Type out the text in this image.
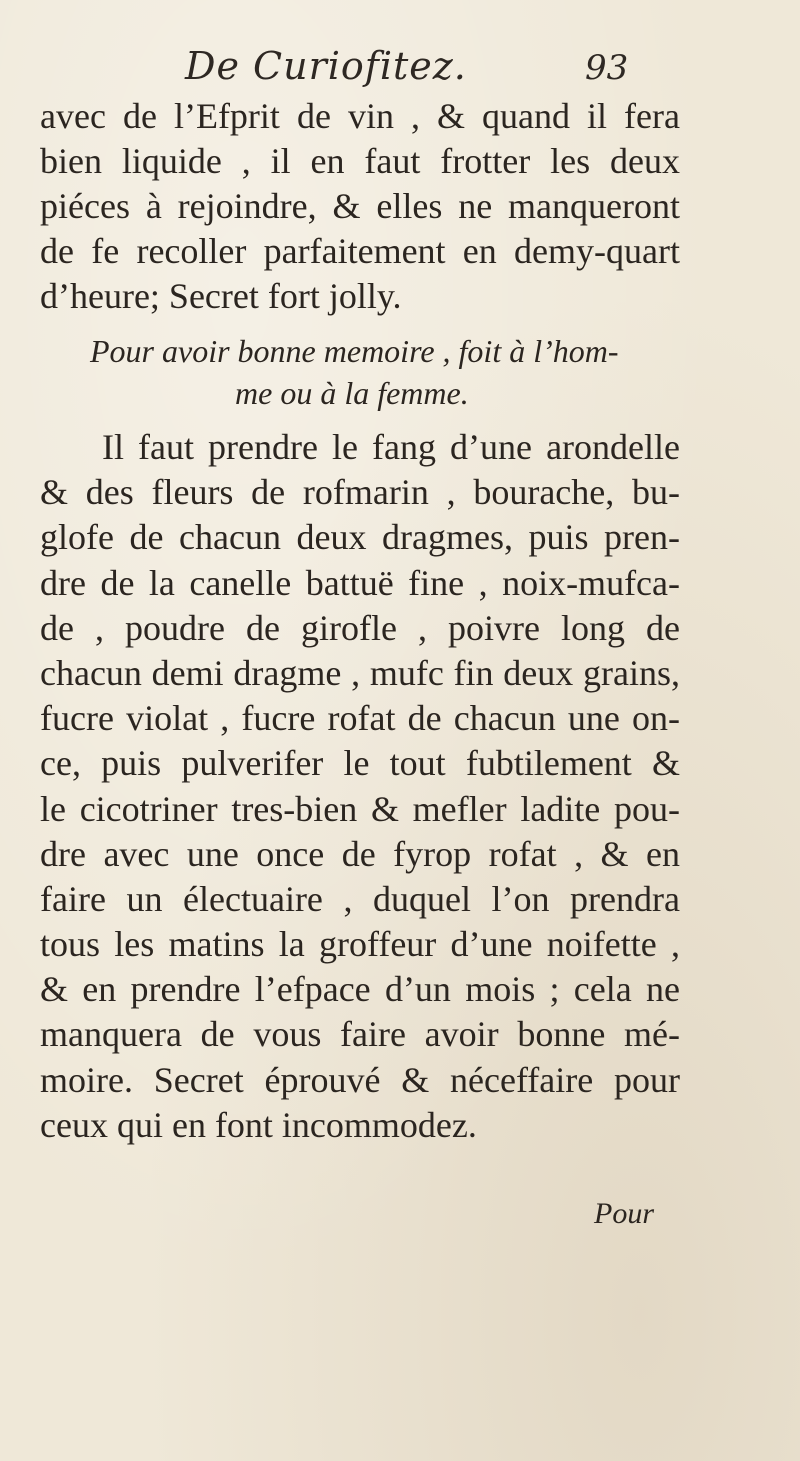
De Curiofitez.	93
avec de l’Efprit de vin , & quand il fera
bien liquide , il en faut frotter les deux
piéces à rejoindre, & elles ne manqueront
de fe recoller parfaitement en demy-quart
d’heure; Secret fort jolly.
Pour avoir bonne memoire , foit à l’hom-
me ou à la femme.
Il faut prendre le fang d’une arondelle
& des fleurs de rofmarin , bourache, bu-
glofe de chacun deux dragmes, puis pren-
dre de la canelle battuë fine , noix-mufca-
de , poudre de girofle , poivre long de
chacun demi dragme , mufc fin deux grains,
fucre violat , fucre rofat de chacun une on-
ce, puis pulverifer le tout fubtilement &
le cicotriner tres-bien & mefler ladite pou-
dre avec une once de fyrop rofat , & en
faire un électuaire , duquel l’on prendra
tous les matins la groffeur d’une noifette ,
& en prendre l’efpace d’un mois ; cela ne
manquera de vous faire avoir bonne mé-
moire. Secret éprouvé & néceffaire pour
ceux qui en font incommodez.
Pour
